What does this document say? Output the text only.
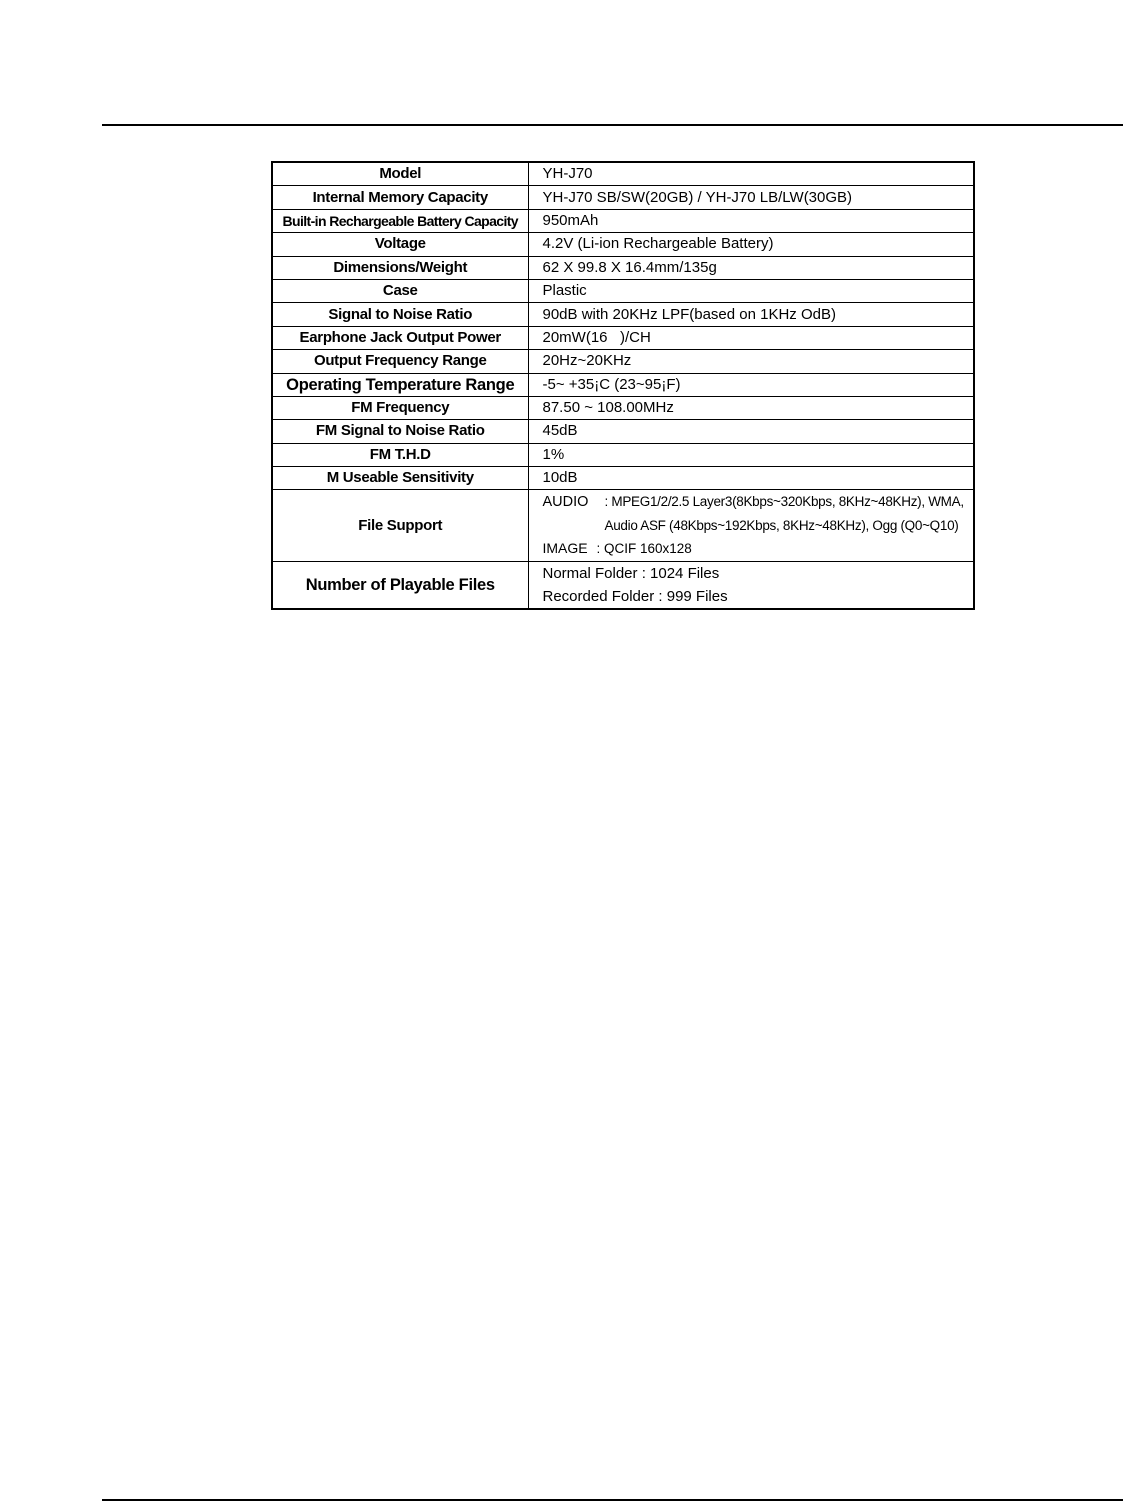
Model	YH-J70
Internal Memory Capacity	YH-J70 SB/SW(20GB) / YH-J70 LB/LW(30GB)
Built-in Rechargeable Battery Capacity	950mAh
Voltage	4.2V (Li-ion Rechargeable Battery)
Dimensions/Weight	62 X 99.8 X 16.4mm/135g
Case	Plastic
Signal to Noise Ratio	90dB with 20KHz LPF(based on 1KHz OdB)
Earphone Jack Output Power	20mW(16   )/CH
Output Frequency Range	20Hz~20KHz
Operating Temperature Range	-5~ +35¡C (23~95¡F)
FM Frequency	87.50 ~ 108.00MHz
FM Signal to Noise Ratio	45dB
FM T.H.D	1%
M Useable Sensitivity	10dB
File Support	AUDIO : MPEG1/2/2.5 Layer3(8Kbps~320Kbps, 8KHz~48KHz), WMA,
Audio ASF (48Kbps~192Kbps, 8KHz~48KHz), Ogg (Q0~Q10)
IMAGE : QCIF 160x128

Number of Playable Files	Normal Folder : 1024 Files
Recorded Folder : 999 Files
